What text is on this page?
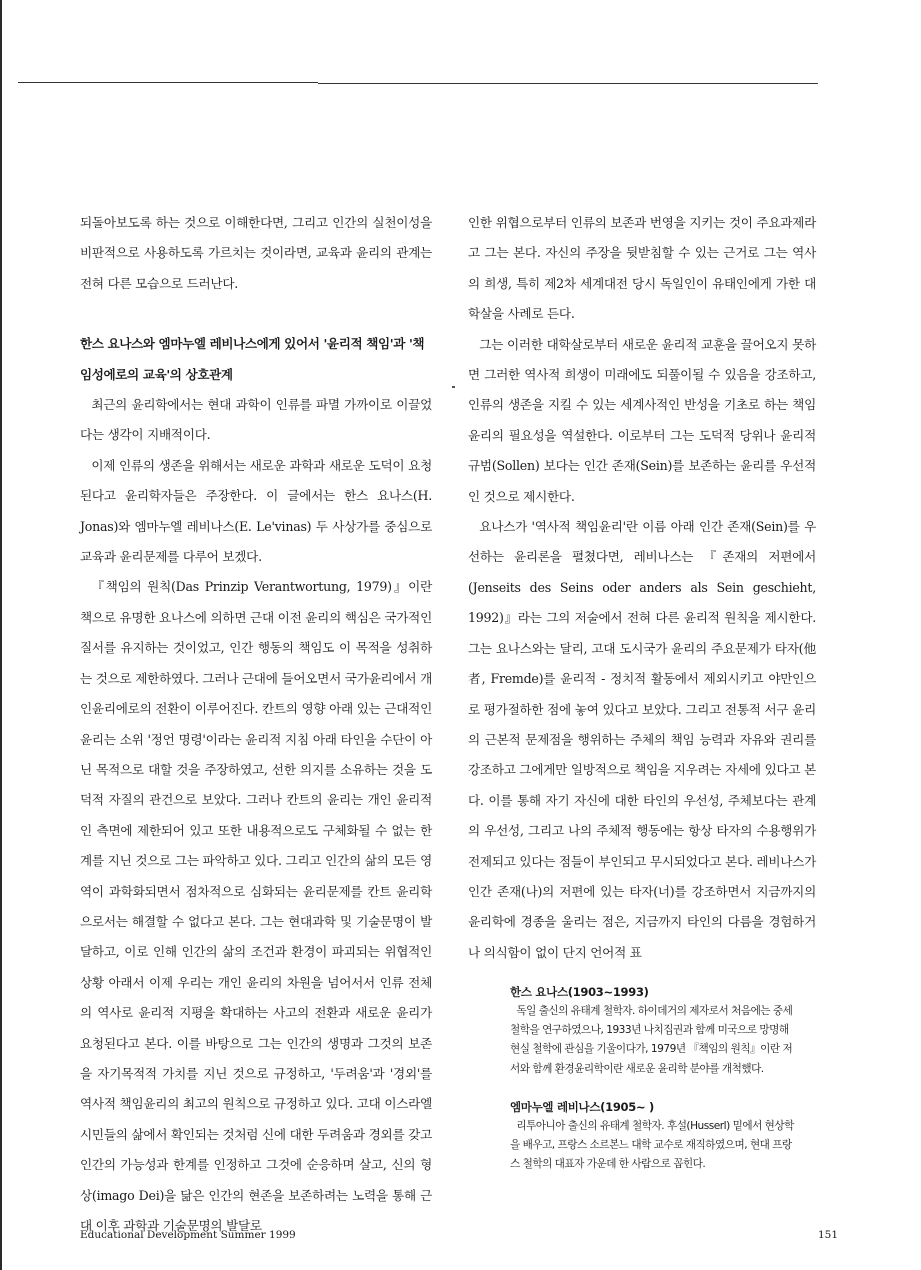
되돌아보도록 하는 것으로 이해한다면, 그리고 인간의 실천이성을 비판적으로 사용하도록 가르치는 것이라면, 교육과 윤리의 관계는 전혀 다른 모습으로 드러난다.

한스 요나스와 엠마누엘 레비나스에게 있어서 '윤리적 책임'과 '책임성에로의 교육'의 상호관계

최근의 윤리학에서는 현대 과학이 인류를 파멸 가까이로 이끌었다는 생각이 지배적이다.

이제 인류의 생존을 위해서는 새로운 과학과 새로운 도덕이 요청된다고 윤리학자들은 주장한다. 이 글에서는 한스 요나스(H. Jonas)와 엠마누엘 레비나스(E. Le'vinas) 두 사상가를 중심으로 교육과 윤리문제를 다루어 보겠다.

『책임의 원칙(Das Prinzip Verantwortung, 1979)』이란 책으로 유명한 요나스에 의하면 근대 이전 윤리의 핵심은 국가적인 질서를 유지하는 것이었고, 인간 행동의 책임도 이 목적을 성취하는 것으로 제한하였다. 그러나 근대에 들어오면서 국가윤리에서 개인윤리에로의 전환이 이루어진다. 칸트의 영향 아래 있는 근대적인 윤리는 소위 '정언 명령'이라는 윤리적 지침 아래 타인을 수단이 아닌 목적으로 대할 것을 주장하였고, 선한 의지를 소유하는 것을 도덕적 자질의 관건으로 보았다. 그러나 칸트의 윤리는 개인 윤리적인 측면에 제한되어 있고 또한 내용적으로도 구체화될 수 없는 한계를 지닌 것으로 그는 파악하고 있다. 그리고 인간의 삶의 모든 영역이 과학화되면서 점차적으로 심화되는 윤리문제를 칸트 윤리학으로서는 해결할 수 없다고 본다. 그는 현대과학 및 기술문명이 발달하고, 이로 인해 인간의 삶의 조건과 환경이 파괴되는 위협적인 상황 아래서 이제 우리는 개인 윤리의 차원을 넘어서서 인류 전체의 역사로 윤리적 지평을 확대하는 사고의 전환과 새로운 윤리가 요청된다고 본다. 이를 바탕으로 그는 인간의 생명과 그것의 보존을 자기목적적 가치를 지닌 것으로 규정하고, '두려움'과 '경외'를 역사적 책임윤리의 최고의 원칙으로 규정하고 있다. 고대 이스라엘 시민들의 삶에서 확인되는 것처럼 신에 대한 두려움과 경외를 갖고 인간의 가능성과 한계를 인정하고 그것에 순응하며 살고, 신의 형상(imago Dei)을 닮은 인간의 현존을 보존하려는 노력을 통해 근대 이후 과학과 기술문명의 발달로

인한 위협으로부터 인류의 보존과 번영을 지키는 것이 주요과제라고 그는 본다. 자신의 주장을 뒷받침할 수 있는 근거로 그는 역사의 희생, 특히 제2차 세계대전 당시 독일인이 유태인에게 가한 대학살을 사례로 든다.

그는 이러한 대학살로부터 새로운 윤리적 교훈을 끌어오지 못하면 그러한 역사적 희생이 미래에도 되풀이될 수 있음을 강조하고, 인류의 생존을 지킬 수 있는 세계사적인 반성을 기초로 하는 책임 윤리의 필요성을 역설한다. 이로부터 그는 도덕적 당위나 윤리적 규범(Sollen) 보다는 인간 존재(Sein)를 보존하는 윤리를 우선적인 것으로 제시한다.

요나스가 '역사적 책임윤리'란 이름 아래 인간 존재(Sein)를 우선하는 윤리론을 펼쳤다면, 레비나스는 『존재의 저편에서(Jenseits des Seins oder anders als Sein geschieht, 1992)』라는 그의 저술에서 전혀 다른 윤리적 원칙을 제시한다. 그는 요나스와는 달리, 고대 도시국가 윤리의 주요문제가 타자(他者, Fremde)를 윤리적 - 정치적 활동에서 제외시키고 야만인으로 평가절하한 점에 놓여 있다고 보았다. 그리고 전통적 서구 윤리의 근본적 문제점을 행위하는 주체의 책임 능력과 자유와 권리를 강조하고 그에게만 일방적으로 책임을 지우려는 자세에 있다고 본다. 이를 통해 자기 자신에 대한 타인의 우선성, 주체보다는 관계의 우선성, 그리고 나의 주체적 행동에는 항상 타자의 수용행위가 전제되고 있다는 점들이 부인되고 무시되었다고 본다. 레비나스가 인간 존재(나)의 저편에 있는 타자(너)를 강조하면서 지금까지의 윤리학에 경종을 울리는 점은, 지금까지 타인의 다름을 경험하거나 의식함이 없이 단지 언어적 표

한스 요나스(1903~1993)

독일 출신의 유태계 철학자. 하이데거의 제자로서 처음에는 중세철학을 연구하였으나, 1933년 나치집권과 함께 미국으로 망명해 현실 철학에 관심을 기울이다가, 1979년 『책임의 원칙』이란 저서와 함께 환경윤리학이란 새로운 윤리학 분야를 개척했다.

엠마누엘 레비나스(1905~ )

리투아니아 출신의 유태계 철학자. 후설(Husserl) 밑에서 현상학을 배우고, 프랑스 소르본느 대학 교수로 재직하였으며, 현대 프랑스 철학의 대표자 가운데 한 사람으로 꼽힌다.

Educational Development Summer 1999	151
